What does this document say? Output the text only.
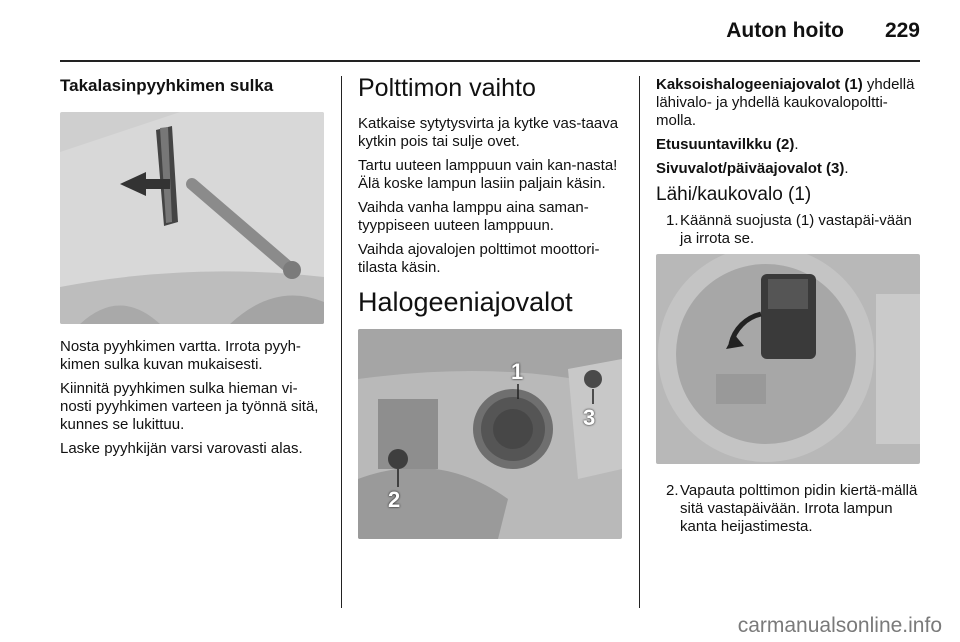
Auton hoito 229
Takalasinpyyhkimen sulka

Nosta pyyhkimen vartta. Irrota pyyh-kimen sulka kuvan mukaisesti.

Kiinnitä pyyhkimen sulka hieman vi-nosti pyyhkimen varteen ja työnnä sitä, kunnes se lukittuu.

Laske pyyhkijän varsi varovasti alas.

Polttimon vaihto

Katkaise sytytysvirta ja kytke vas-taava kytkin pois tai sulje ovet.

Tartu uuteen lamppuun vain kan-nasta! Älä koske lampun lasiin paljain käsin.

Vaihda vanha lamppu aina saman-tyyppiseen uuteen lamppuun.

Vaihda ajovalojen polttimot moottori-tilasta käsin.

Halogeeniajovalot
1
2
3

Kaksoishalogeeniajovalot (1) yhdellä lähivalo- ja yhdellä kaukovalopoltti-molla.

Etusuuntavilkku (2).

Sivuvalot/päiväajovalot (3).

Lähi/kaukovalo (1)
1. Käännä suojusta (1) vastapäi-vään ja irrota se.
2. Vapauta polttimon pidin kiertä-mällä sitä vastapäivään. Irrota lampun kanta heijastimesta.
carmanualsonline.info
